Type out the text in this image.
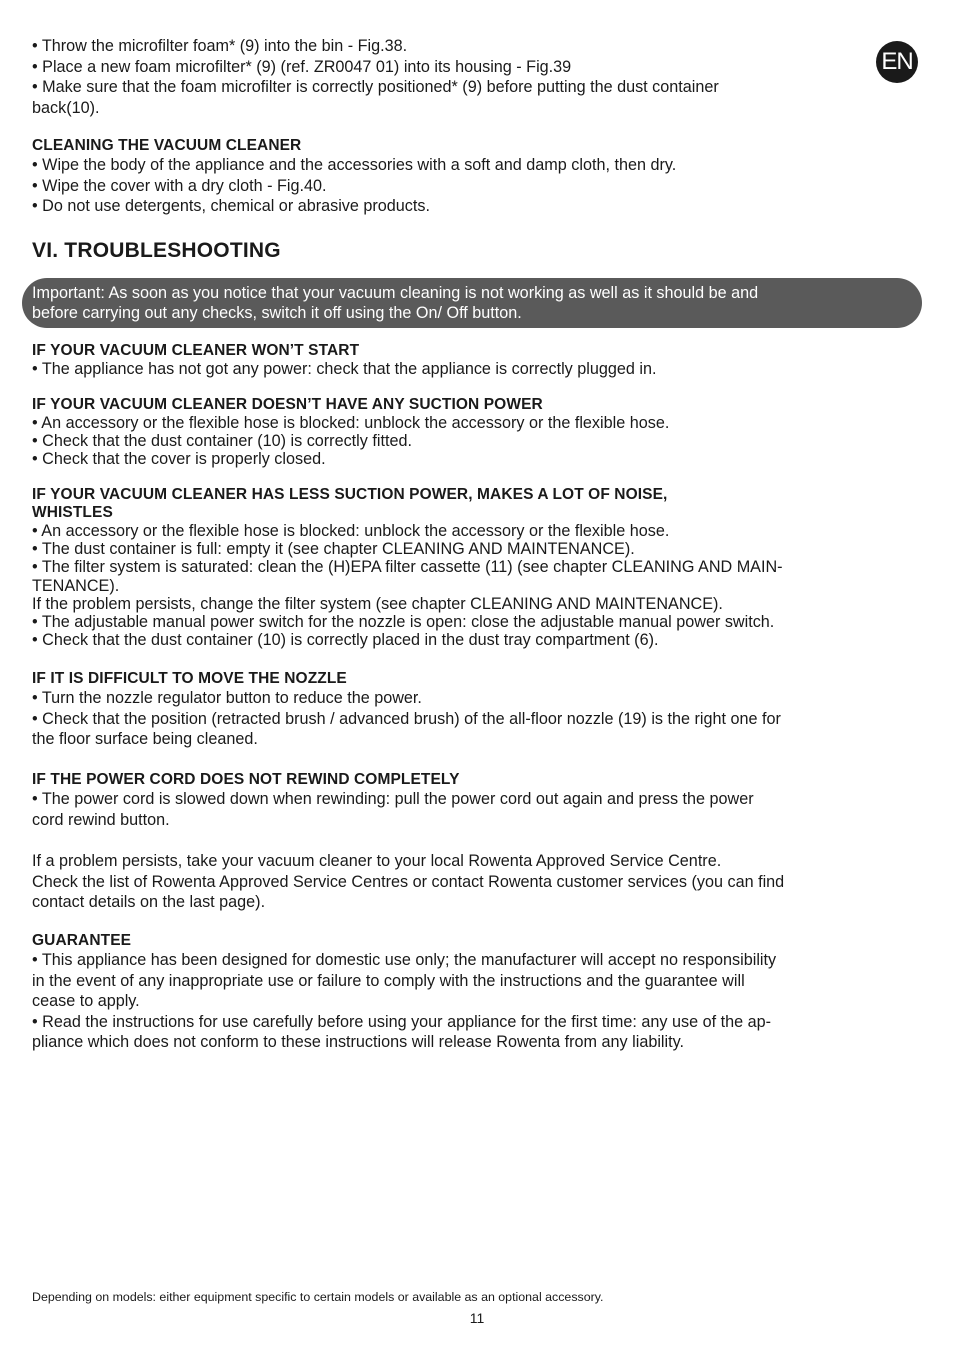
EN

• Throw the microfilter foam* (9) into the bin - Fig.38.

• Place a new foam microfilter* (9) (ref. ZR0047 01) into its housing - Fig.39

• Make sure that the foam microfilter is correctly positioned* (9) before putting the dust container

back(10).

CLEANING THE VACUUM CLEANER

• Wipe the body of the appliance and the accessories with a soft and damp cloth, then dry.

• Wipe the cover with a dry cloth - Fig.40.

• Do not use detergents, chemical or abrasive products.

VI. TROUBLESHOOTING

Important: As soon as you notice that your vacuum cleaning is not working as well as it should be and

before carrying out any checks, switch it off using the On/ Off button.

IF YOUR VACUUM CLEANER WON’T START

• The appliance has not got any power: check that the appliance is correctly plugged in.

IF YOUR VACUUM CLEANER DOESN’T HAVE ANY SUCTION POWER

• An accessory or the flexible hose is blocked: unblock the accessory or the flexible hose.

• Check that the dust container (10) is correctly fitted.

• Check that the cover is properly closed.

IF YOUR VACUUM CLEANER HAS LESS SUCTION POWER, MAKES A LOT OF NOISE,
WHISTLES

• An accessory or the flexible hose is blocked: unblock the accessory or the flexible hose.

• The dust container is full: empty it (see chapter CLEANING AND MAINTENANCE).

• The filter system is saturated: clean the (H)EPA filter cassette (11) (see chapter CLEANING AND MAIN-

TENANCE).

If the problem persists, change the filter system (see chapter CLEANING AND MAINTENANCE).

• The adjustable manual power switch for the nozzle is open: close the adjustable manual power switch.

• Check that the dust container (10) is correctly placed in the dust tray compartment (6).

IF IT IS DIFFICULT TO MOVE THE NOZZLE

• Turn the nozzle regulator button to reduce the power.

• Check that the position (retracted brush / advanced brush) of the all-floor nozzle (19) is the right one for

the floor surface being cleaned.

IF THE POWER CORD DOES NOT REWIND COMPLETELY

• The power cord is slowed down when rewinding: pull the power cord out again and press the power

cord rewind button.

If a problem persists, take your vacuum cleaner to your local Rowenta Approved Service Centre.

Check the list of Rowenta Approved Service Centres or contact Rowenta customer services (you can find

contact details on the last page).

GUARANTEE

• This appliance has been designed for domestic use only; the manufacturer will accept no responsibility

in the event of any inappropriate use or failure to comply with the instructions and the guarantee will

cease to apply.

• Read the instructions for use carefully before using your appliance for the first time: any use of the ap-

pliance which does not conform to these instructions will release Rowenta from any liability.

Depending on models: either equipment specific to certain models or available as an optional accessory.
11
